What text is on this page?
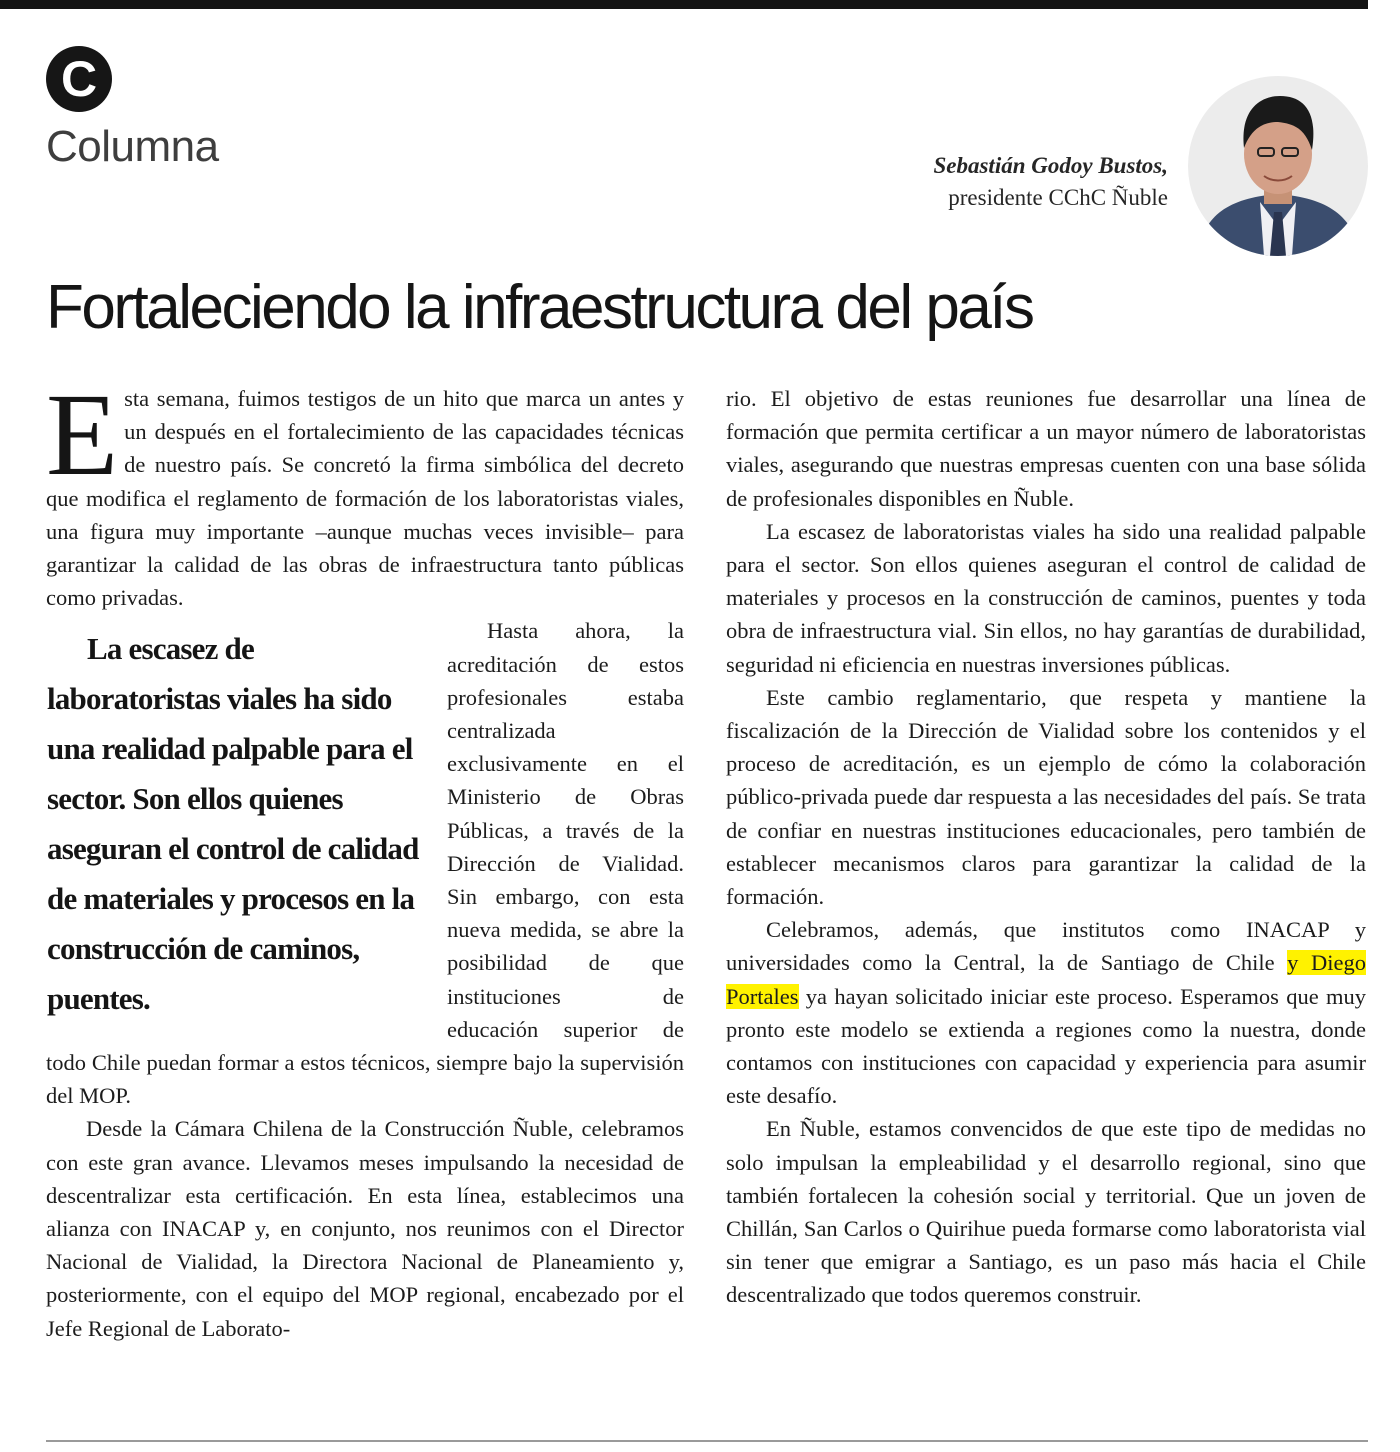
C
Columna	Sebastián Godoy Bustos,
presidente CChC Ñuble
Fortaleciendo la infraestructura del país

Esta semana, fuimos testigos de un hito que marca un antes y un después en el fortalecimiento de las capacidades técnicas de nuestro país. Se concretó la firma simbólica del decreto que modifica el reglamento de formación de los laboratoristas viales, una figura muy importante –aunque muchas veces invisible– para garantizar la calidad de las obras de infraestructura tanto públicas como privadas.

La escasez de laboratoristas viales ha sido una realidad palpable para el sector. Son ellos quienes aseguran el control de calidad de materiales y procesos en la construcción de caminos, puentes.
Hasta ahora, la acreditación de estos profesionales estaba centralizada exclusivamente en el Ministerio de Obras Públicas, a través de la Dirección de Vialidad. Sin embargo, con esta nueva medida, se abre la posibilidad de que instituciones de educación superior de todo Chile puedan formar a estos técnicos, siempre bajo la supervisión del MOP.

Desde la Cámara Chilena de la Construcción Ñuble, celebramos con este gran avance. Llevamos meses impulsando la necesidad de descentralizar esta certificación. En esta línea, establecimos una alianza con INACAP y, en conjunto, nos reunimos con el Director Nacional de Vialidad, la Directora Nacional de Planeamiento y, posteriormente, con el equipo del MOP regional, encabezado por el Jefe Regional de Laborato-

rio. El objetivo de estas reuniones fue desarrollar una línea de formación que permita certificar a un mayor número de laboratoristas viales, asegurando que nuestras empresas cuenten con una base sólida de profesionales disponibles en Ñuble.

La escasez de laboratoristas viales ha sido una realidad palpable para el sector. Son ellos quienes aseguran el control de calidad de materiales y procesos en la construcción de caminos, puentes y toda obra de infraestructura vial. Sin ellos, no hay garantías de durabilidad, seguridad ni eficiencia en nuestras inversiones públicas.

Este cambio reglamentario, que respeta y mantiene la fiscalización de la Dirección de Vialidad sobre los contenidos y el proceso de acreditación, es un ejemplo de cómo la colaboración público-privada puede dar respuesta a las necesidades del país. Se trata de confiar en nuestras instituciones educacionales, pero también de establecer mecanismos claros para garantizar la calidad de la formación.

Celebramos, además, que institutos como INACAP y universidades como la Central, la de Santiago de Chile y Diego Portales ya hayan solicitado iniciar este proceso. Esperamos que muy pronto este modelo se extienda a regiones como la nuestra, donde contamos con instituciones con capacidad y experiencia para asumir este desafío.

En Ñuble, estamos convencidos de que este tipo de medidas no solo impulsan la empleabilidad y el desarrollo regional, sino que también fortalecen la cohesión social y territorial. Que un joven de Chillán, San Carlos o Quirihue pueda formarse como laboratorista vial sin tener que emigrar a Santiago, es un paso más hacia el Chile descentralizado que todos queremos construir.
